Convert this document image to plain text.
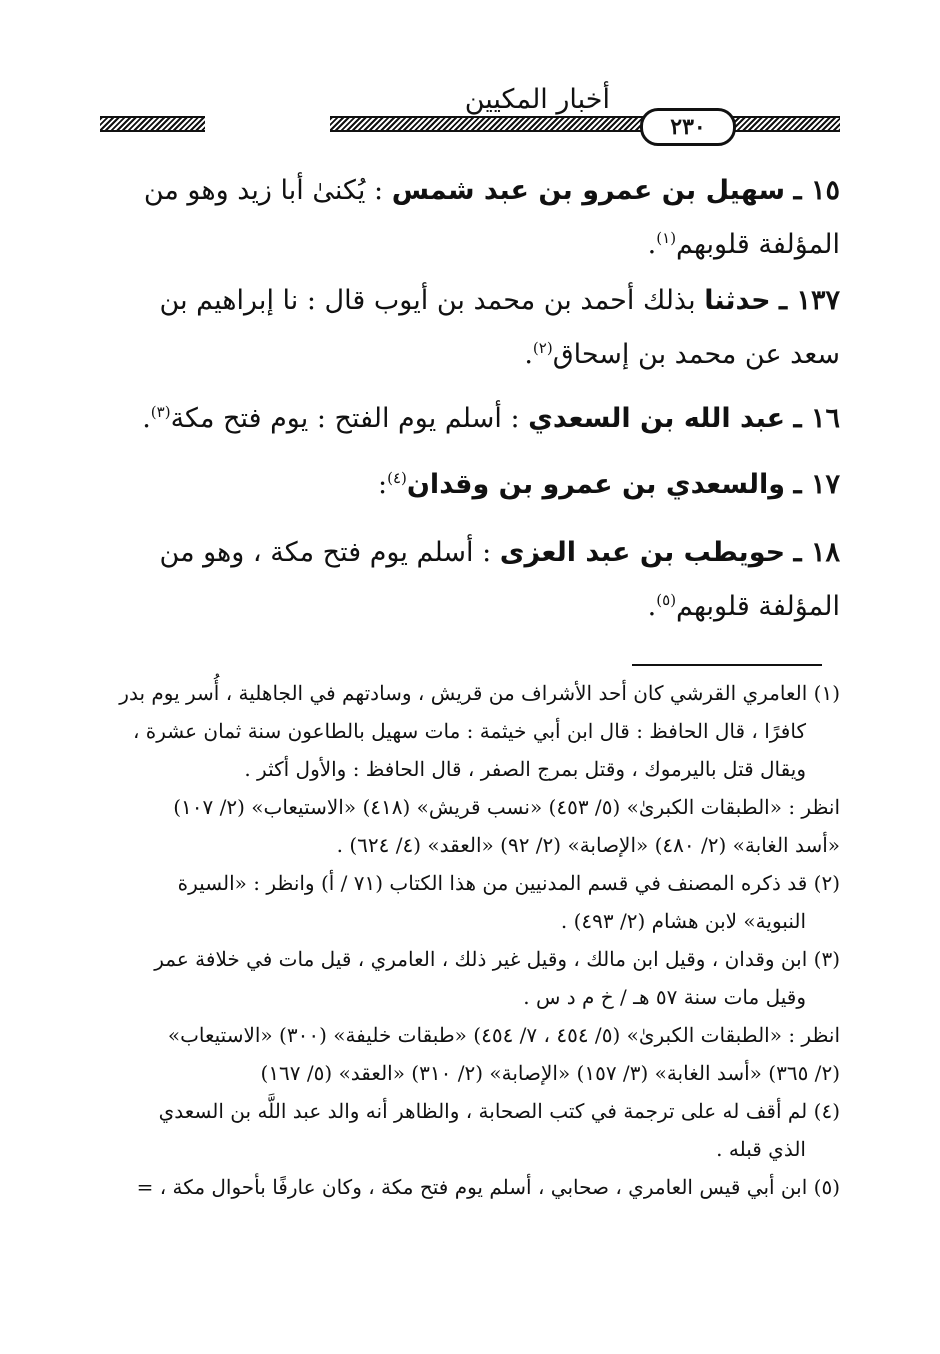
أخبار المكيين
٢٣٠
١٥ ـ سهيل بن عمرو بن عبد شمس : يُكنىٰ أبا زيد وهو من
المؤلفة قلوبهم$^{(١)}$.
١٣٧ ـ حدثنا بذلك أحمد بن محمد بن أيوب قال : نا إبراهيم بن
سعد عن محمد بن إسحاق$^{(٢)}$.
١٦ ـ عبد الله بن السعدي : أسلم يوم الفتح : يوم فتح مكة$^{(٣)}$.
١٧ ـ والسعدي بن عمرو بن وقدان$^{(٤)}$:
١٨ ـ حويطب بن عبد العزى : أسلم يوم فتح مكة ، وهو من
المؤلفة قلوبهم$^{(٥)}$.

(١) العامري القرشي كان أحد الأشراف من قريش ، وسادتهم في الجاهلية ، أُسر يوم بدر
كافرًا ، قال الحافظ : قال ابن أبي خيثمة : مات سهيل بالطاعون سنة ثمان عشرة ،
ويقال قتل باليرموك ، وقتل بمرج الصفر ، قال الحافظ : والأول أكثر .
انظر : «الطبقات الكبرىٰ» (٥/ ٤٥٣) «نسب قريش» (٤١٨) «الاستيعاب» (٢/ ١٠٧)
«أسد الغابة» (٢/ ٤٨٠) «الإصابة» (٢/ ٩٢) «العقد» (٤/ ٦٢٤) .

(٢) قد ذكره المصنف في قسم المدنيين من هذا الكتاب (٧١ / أ) وانظر : «السيرة
النبوية» لابن هشام (٢/ ٤٩٣) .

(٣) ابن وقدان ، وقيل ابن مالك ، وقيل غير ذلك ، العامري ، قيل مات في خلافة عمر
وقيل مات سنة ٥٧ هـ / خ م د س .
انظر : «الطبقات الكبرىٰ» (٥/ ٤٥٤ ، ٧/ ٤٥٤) «طبقات خليفة» (٣٠٠) «الاستيعاب»
(٢/ ٣٦٥) «أسد الغابة» (٣/ ١٥٧) «الإصابة» (٢/ ٣١٠) «العقد» (٥/ ١٦٧)

(٤) لم أقف له على ترجمة في كتب الصحابة ، والظاهر أنه والد عبد اللَّه بن السعدي
الذي قبله .

(٥) ابن أبي قيس العامري ، صحابي ، أسلم يوم فتح مكة ، وكان عارفًا بأحوال مكة ، =
